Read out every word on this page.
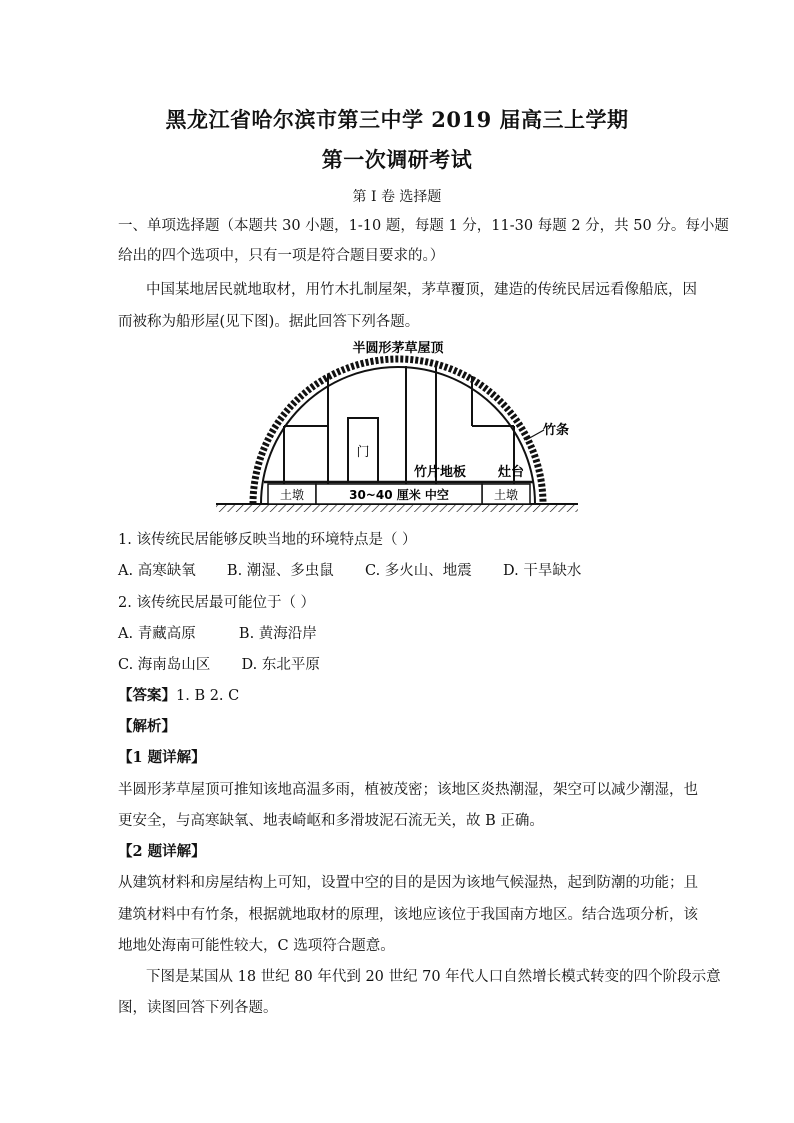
黑龙江省哈尔滨市第三中学 2019 届高三上学期
第一次调研考试
第 I 卷 选择题
一、单项选择题（本题共 30 小题，1-10 题，每题 1 分，11-30 每题 2 分，共 50 分。每小题
给出的四个选项中，只有一项是符合题目要求的。）
中国某地居民就地取材，用竹木扎制屋架，茅草覆顶，建造的传统民居远看像船底，因
而被称为船形屋(见下图)。据此回答下列各题。
半圆形茅草屋顶
竹条
门
竹片地板 灶台
土墩	土墩
30~40 厘米 中空
1. 该传统民居能够反映当地的环境特点是（ ）
A. 高寒缺氧 B. 潮湿、多虫鼠 C. 多火山、地震 D. 干旱缺水
2. 该传统民居最可能位于（ ）
A. 青藏高原	B. 黄海沿岸
C. 海南岛山区 D. 东北平原
【答案】1. B 2. C
【解析】
【1 题详解】
半圆形茅草屋顶可推知该地高温多雨，植被茂密；该地区炎热潮湿，架空可以减少潮湿，也
更安全，与高寒缺氧、地表崎岖和多滑坡泥石流无关，故 B 正确。
【2 题详解】
从建筑材料和房屋结构上可知，设置中空的目的是因为该地气候湿热，起到防潮的功能；且
建筑材料中有竹条，根据就地取材的原理，该地应该位于我国南方地区。结合选项分析，该
地地处海南可能性较大，C 选项符合题意。
下图是某国从 18 世纪 80 年代到 20 世纪 70 年代人口自然增长模式转变的四个阶段示意
图，读图回答下列各题。
